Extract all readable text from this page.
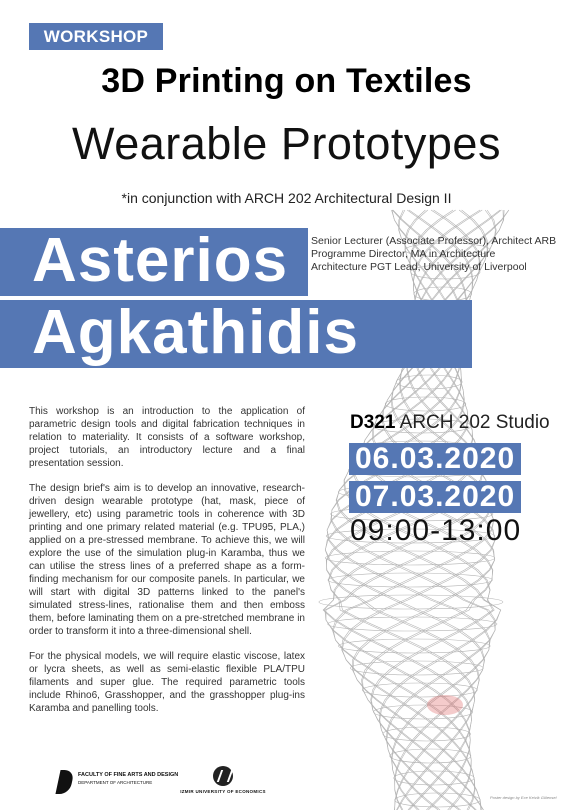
WORKSHOP
3D Printing on Textiles
Wearable Prototypes
*in conjunction with ARCH 202 Architectural Design II
Asterios
Agkathidis
Senior Lecturer (Associate Professor), Architect ARB
Programme Director, MA in Architecture
Architecture PGT Lead, University of Liverpool

This workshop is an introduction to the application of parametric design tools and digital fabrication techniques in relation to materiality. It consists of a software workshop, project tutorials, an introductory lecture and a final presentation session.

The design brief's aim is to develop an innovative, research-driven design wearable prototype (hat, mask, piece of jewellery, etc) using parametric tools in coherence with 3D printing and one primary related material (e.g. TPU95, PLA,) applied on a pre-stressed membrane. To achieve this, we will explore the use of the simulation plug-in Karamba, thus we can utilise the stress lines of a preferred shape as a form-finding mechanism for our composite panels. In particular, we will start with digital 3D patterns linked to the panel's simulated stress-lines, rationalise them and then emboss them, before laminating them on a pre-stretched membrane in order to transform it into a three-dimensional shell.

For the physical models, we will require elastic viscose, latex or lycra sheets, as well as semi-elastic flexible PLA/TPU filaments and super glue. The required parametric tools include Rhino6, Grasshopper, and the grasshopper plug-ins Karamba and panelling tools.

D321 ARCH 202 Studio
06.03.2020
07.03.2020
09:00-13:00
FACULTY OF FINE ARTS AND DESIGN
DEPARTMENT OF ARCHITECTURE
IZMIR UNIVERSITY OF ECONOMICS
Poster design by Ece Keivik Gülensel
